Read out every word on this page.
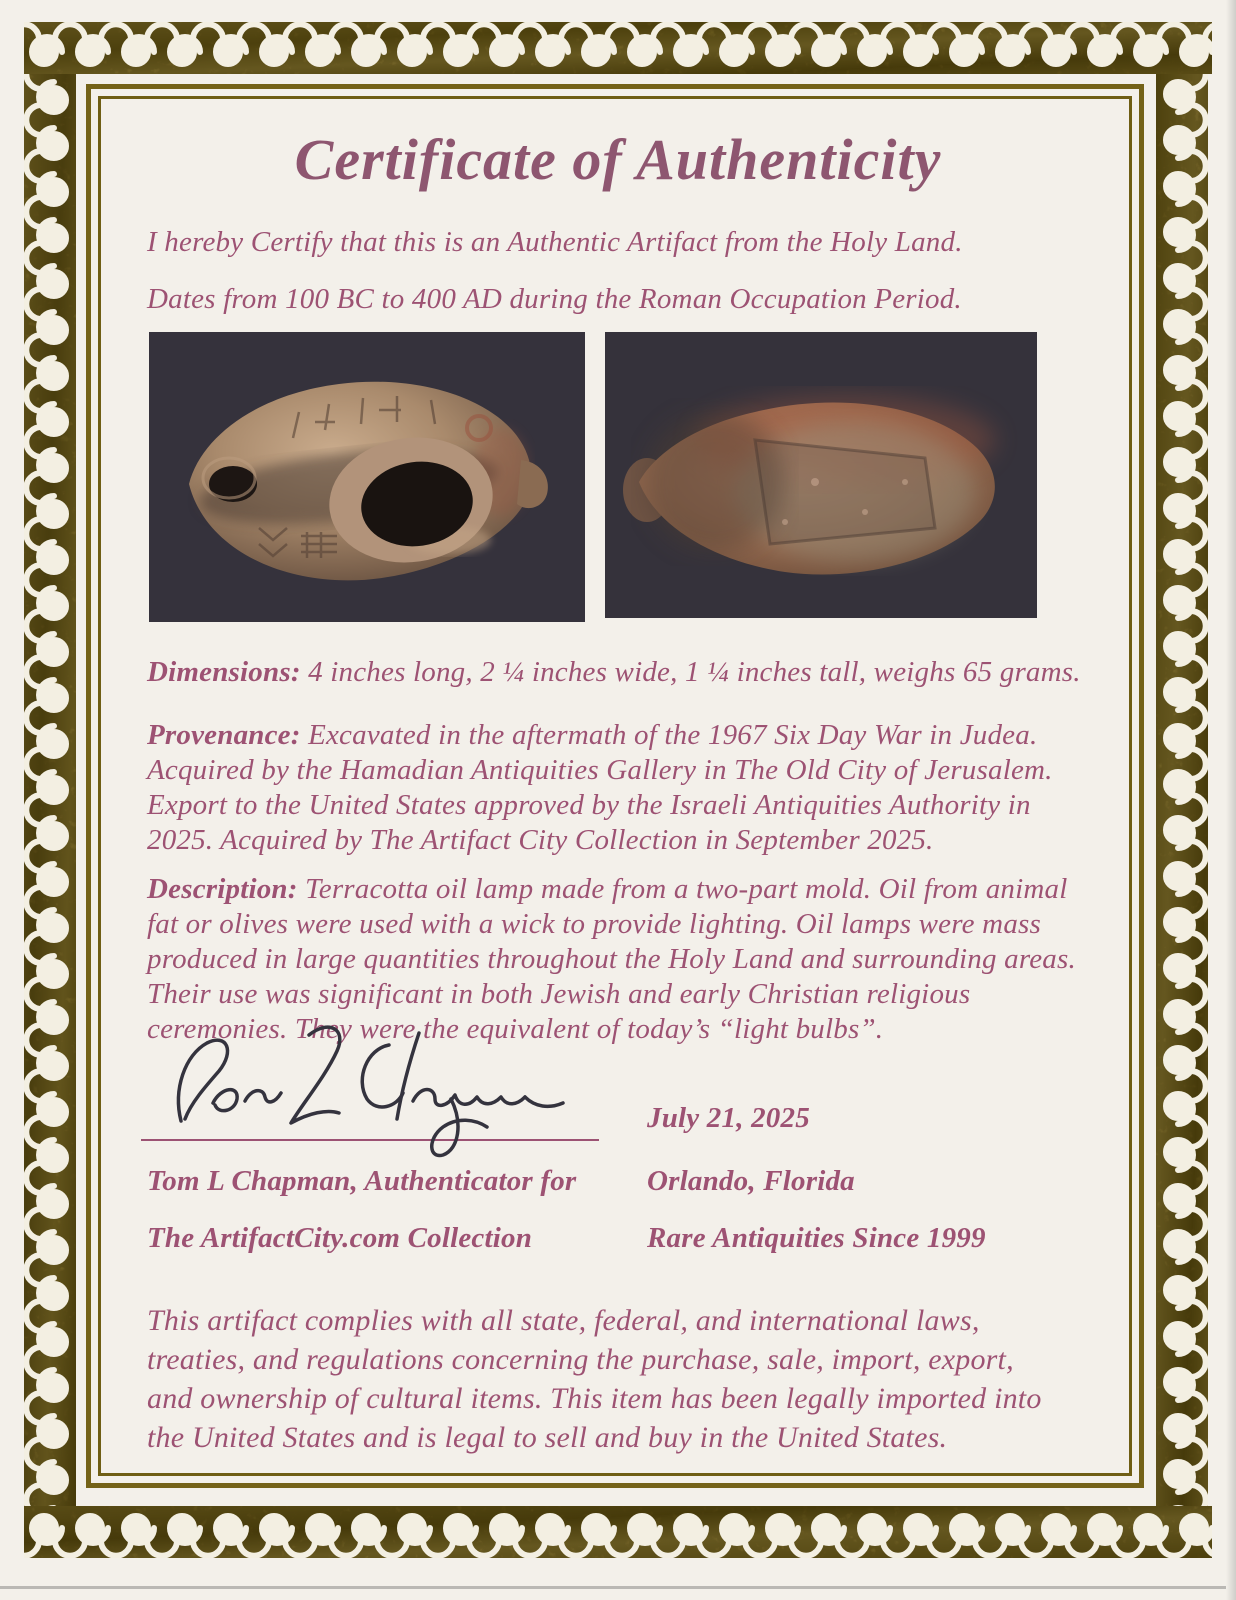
Certificate of Authenticity
I hereby Certify that this is an Authentic Artifact from the Holy Land.
Dates from 100 BC to 400 AD during the Roman Occupation Period.

Dimensions: 4 inches long, 2 ¼ inches wide, 1 ¼ inches tall, weighs 65 grams.

Provenance: Excavated in the aftermath of the 1967 Six Day War in Judea.
Acquired by the Hamadian Antiquities Gallery in The Old City of Jerusalem.
Export to the United States approved by the Israeli Antiquities Authority in
2025. Acquired by The Artifact City Collection in September 2025.
Description: Terracotta oil lamp made from a two-part mold. Oil from animal
fat or olives were used with a wick to provide lighting. Oil lamps were mass
produced in large quantities throughout the Holy Land and surrounding areas.
Their use was significant in both Jewish and early Christian religious
ceremonies. They were the equivalent of today’s “light bulbs”.
July 21, 2025
Tom L Chapman, Authenticator for	Orlando, Florida
The ArtifactCity.com Collection	Rare Antiquities Since 1999
This artifact complies with all state, federal, and international laws,
treaties, and regulations concerning the purchase, sale, import, export,
and ownership of cultural items. This item has been legally imported into
the United States and is legal to sell and buy in the United States.
